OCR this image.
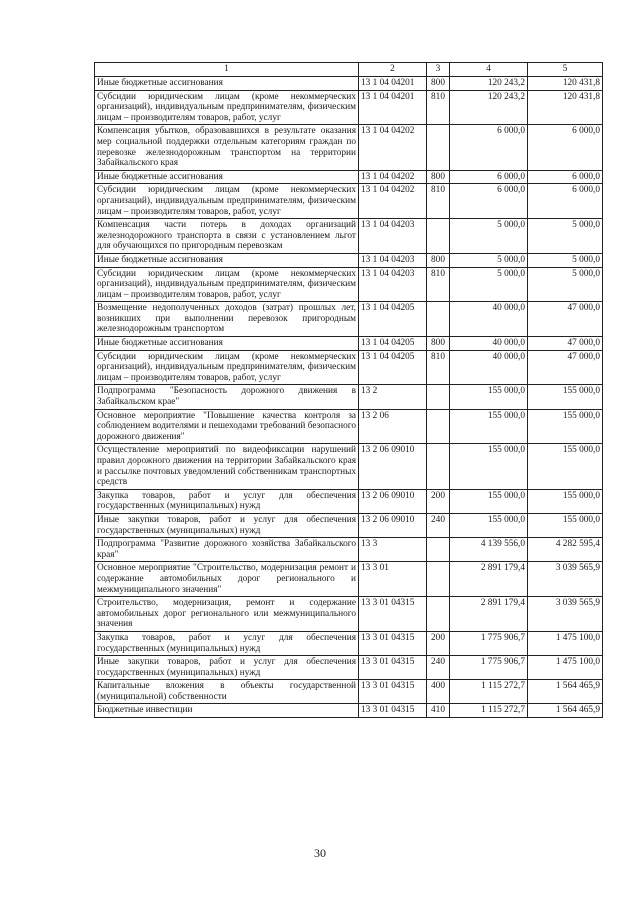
1	2	3	4	5
Иные бюджетные ассигнования	13 1 04 04201	800	120 243,2	120 431,8
Субсидии юридическим лицам (кроме некоммерческих организаций), индивидуальным предпринимателям, физическим лицам – производителям товаров, работ, услуг	13 1 04 04201	810	120 243,2	120 431,8
Компенсация убытков, образовавшихся в результате оказания мер социальной поддержки отдельным категориям граждан по перевозке железнодорожным транспортом на территории Забайкальского края	13 1 04 04202		6 000,0	6 000,0
Иные бюджетные ассигнования	13 1 04 04202	800	6 000,0	6 000,0
Субсидии юридическим лицам (кроме некоммерческих организаций), индивидуальным предпринимателям, физическим лицам – производителям товаров, работ, услуг	13 1 04 04202	810	6 000,0	6 000,0
Компенсация части потерь в доходах организаций железнодорожного транспорта в связи с установлением льгот для обучающихся по пригородным перевозкам	13 1 04 04203		5 000,0	5 000,0
Иные бюджетные ассигнования	13 1 04 04203	800	5 000,0	5 000,0
Субсидии юридическим лицам (кроме некоммерческих организаций), индивидуальным предпринимателям, физическим лицам – производителям товаров, работ, услуг	13 1 04 04203	810	5 000,0	5 000,0
Возмещение недополученных доходов (затрат) прошлых лет, возникших при выполнении перевозок пригородным железнодорожным транспортом	13 1 04 04205		40 000,0	47 000,0
Иные бюджетные ассигнования	13 1 04 04205	800	40 000,0	47 000,0
Субсидии юридическим лицам (кроме некоммерческих организаций), индивидуальным предпринимателям, физическим лицам – производителям товаров, работ, услуг	13 1 04 04205	810	40 000,0	47 000,0
Подпрограмма "Безопасность дорожного движения в Забайкальском крае"	13 2		155 000,0	155 000,0
Основное мероприятие "Повышение качества контроля за соблюдением водителями и пешеходами требований безопасного дорожного движения"	13 2 06		155 000,0	155 000,0
Осуществление мероприятий по видеофиксации нарушений правил дорожного движения на территории Забайкальского края и рассылке почтовых уведомлений собственникам транспортных средств	13 2 06 09010		155 000,0	155 000,0
Закупка товаров, работ и услуг для обеспечения государственных (муниципальных) нужд	13 2 06 09010	200	155 000,0	155 000,0
Иные закупки товаров, работ и услуг для обеспечения государственных (муниципальных) нужд	13 2 06 09010	240	155 000,0	155 000,0
Подпрограмма "Развитие дорожного хозяйства Забайкальского края"	13 3		4 139 556,0	4 282 595,4
Основное мероприятие "Строительство, модернизация ремонт и содержание автомобильных дорог регионального и межмуниципального значения"	13 3 01		2 891 179,4	3 039 565,9
Строительство, модернизация, ремонт и содержание автомобильных дорог регионального или межмуниципального значения	13 3 01 04315		2 891 179,4	3 039 565,9
Закупка товаров, работ и услуг для обеспечения государственных (муниципальных) нужд	13 3 01 04315	200	1 775 906,7	1 475 100,0
Иные закупки товаров, работ и услуг для обеспечения государственных (муниципальных) нужд	13 3 01 04315	240	1 775 906,7	1 475 100,0
Капитальные вложения в объекты государственной (муниципальной) собственности	13 3 01 04315	400	1 115 272,7	1 564 465,9
Бюджетные инвестиции	13 3 01 04315	410	1 115 272,7	1 564 465,9
30
